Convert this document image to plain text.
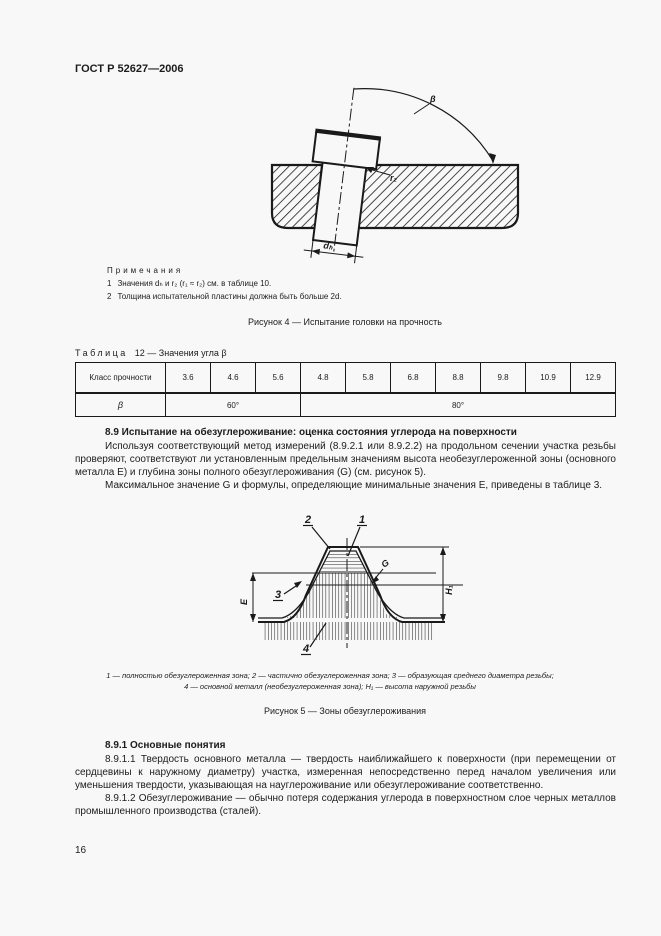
ГОСТ Р 52627—2006
dₕ
β
r₂
Примечания
1 Значения dₕ и r₂ (r₁ ≈ r₂) см. в таблице 10.
2 Толщина испытательной пластины должна быть больше 2d.
Рисунок 4 — Испытание головки на прочность
Таблица 12 — Значения угла β
Класс прочности	3.6	4.6	5.6	4.8	5.8	6.8	8.8	9.8	10.9	12.9
β	60°			80°						

8.9 Испытание на обезуглероживание: оценка состояния углерода на поверхности

Используя соответствующий метод измерений (8.9.2.1 или 8.9.2.2) на продольном сечении участка резьбы проверяют, соответствуют ли установленным предельным значениям высота необезуглероженной зоны (основного металла E) и глубина зоны полного обезуглероживания (G) (см. рисунок 5).

Максимальное значение G и формулы, определяющие минимальные значения E, приведены в таблице 3.

E
H₁
G
1
2
3
4
1 — полностью обезуглероженная зона; 2 — частично обезуглероженная зона; 3 — образующая среднего диаметра резьбы;
4 — основной металл (необезуглероженная зона); H₁ — высота наружной резьбы
Рисунок 5 — Зоны обезуглероживания

8.9.1 Основные понятия

8.9.1.1 Твердость основного металла — твердость наиближайшего к поверхности (при перемещении от сердцевины к наружному диаметру) участка, измеренная непосредственно перед началом увеличения или уменьшения твердости, указывающая на науглероживание или обезуглероживание соответственно.

8.9.1.2 Обезуглероживание — обычно потеря содержания углерода в поверхностном слое черных металлов промышленного производства (сталей).

16
